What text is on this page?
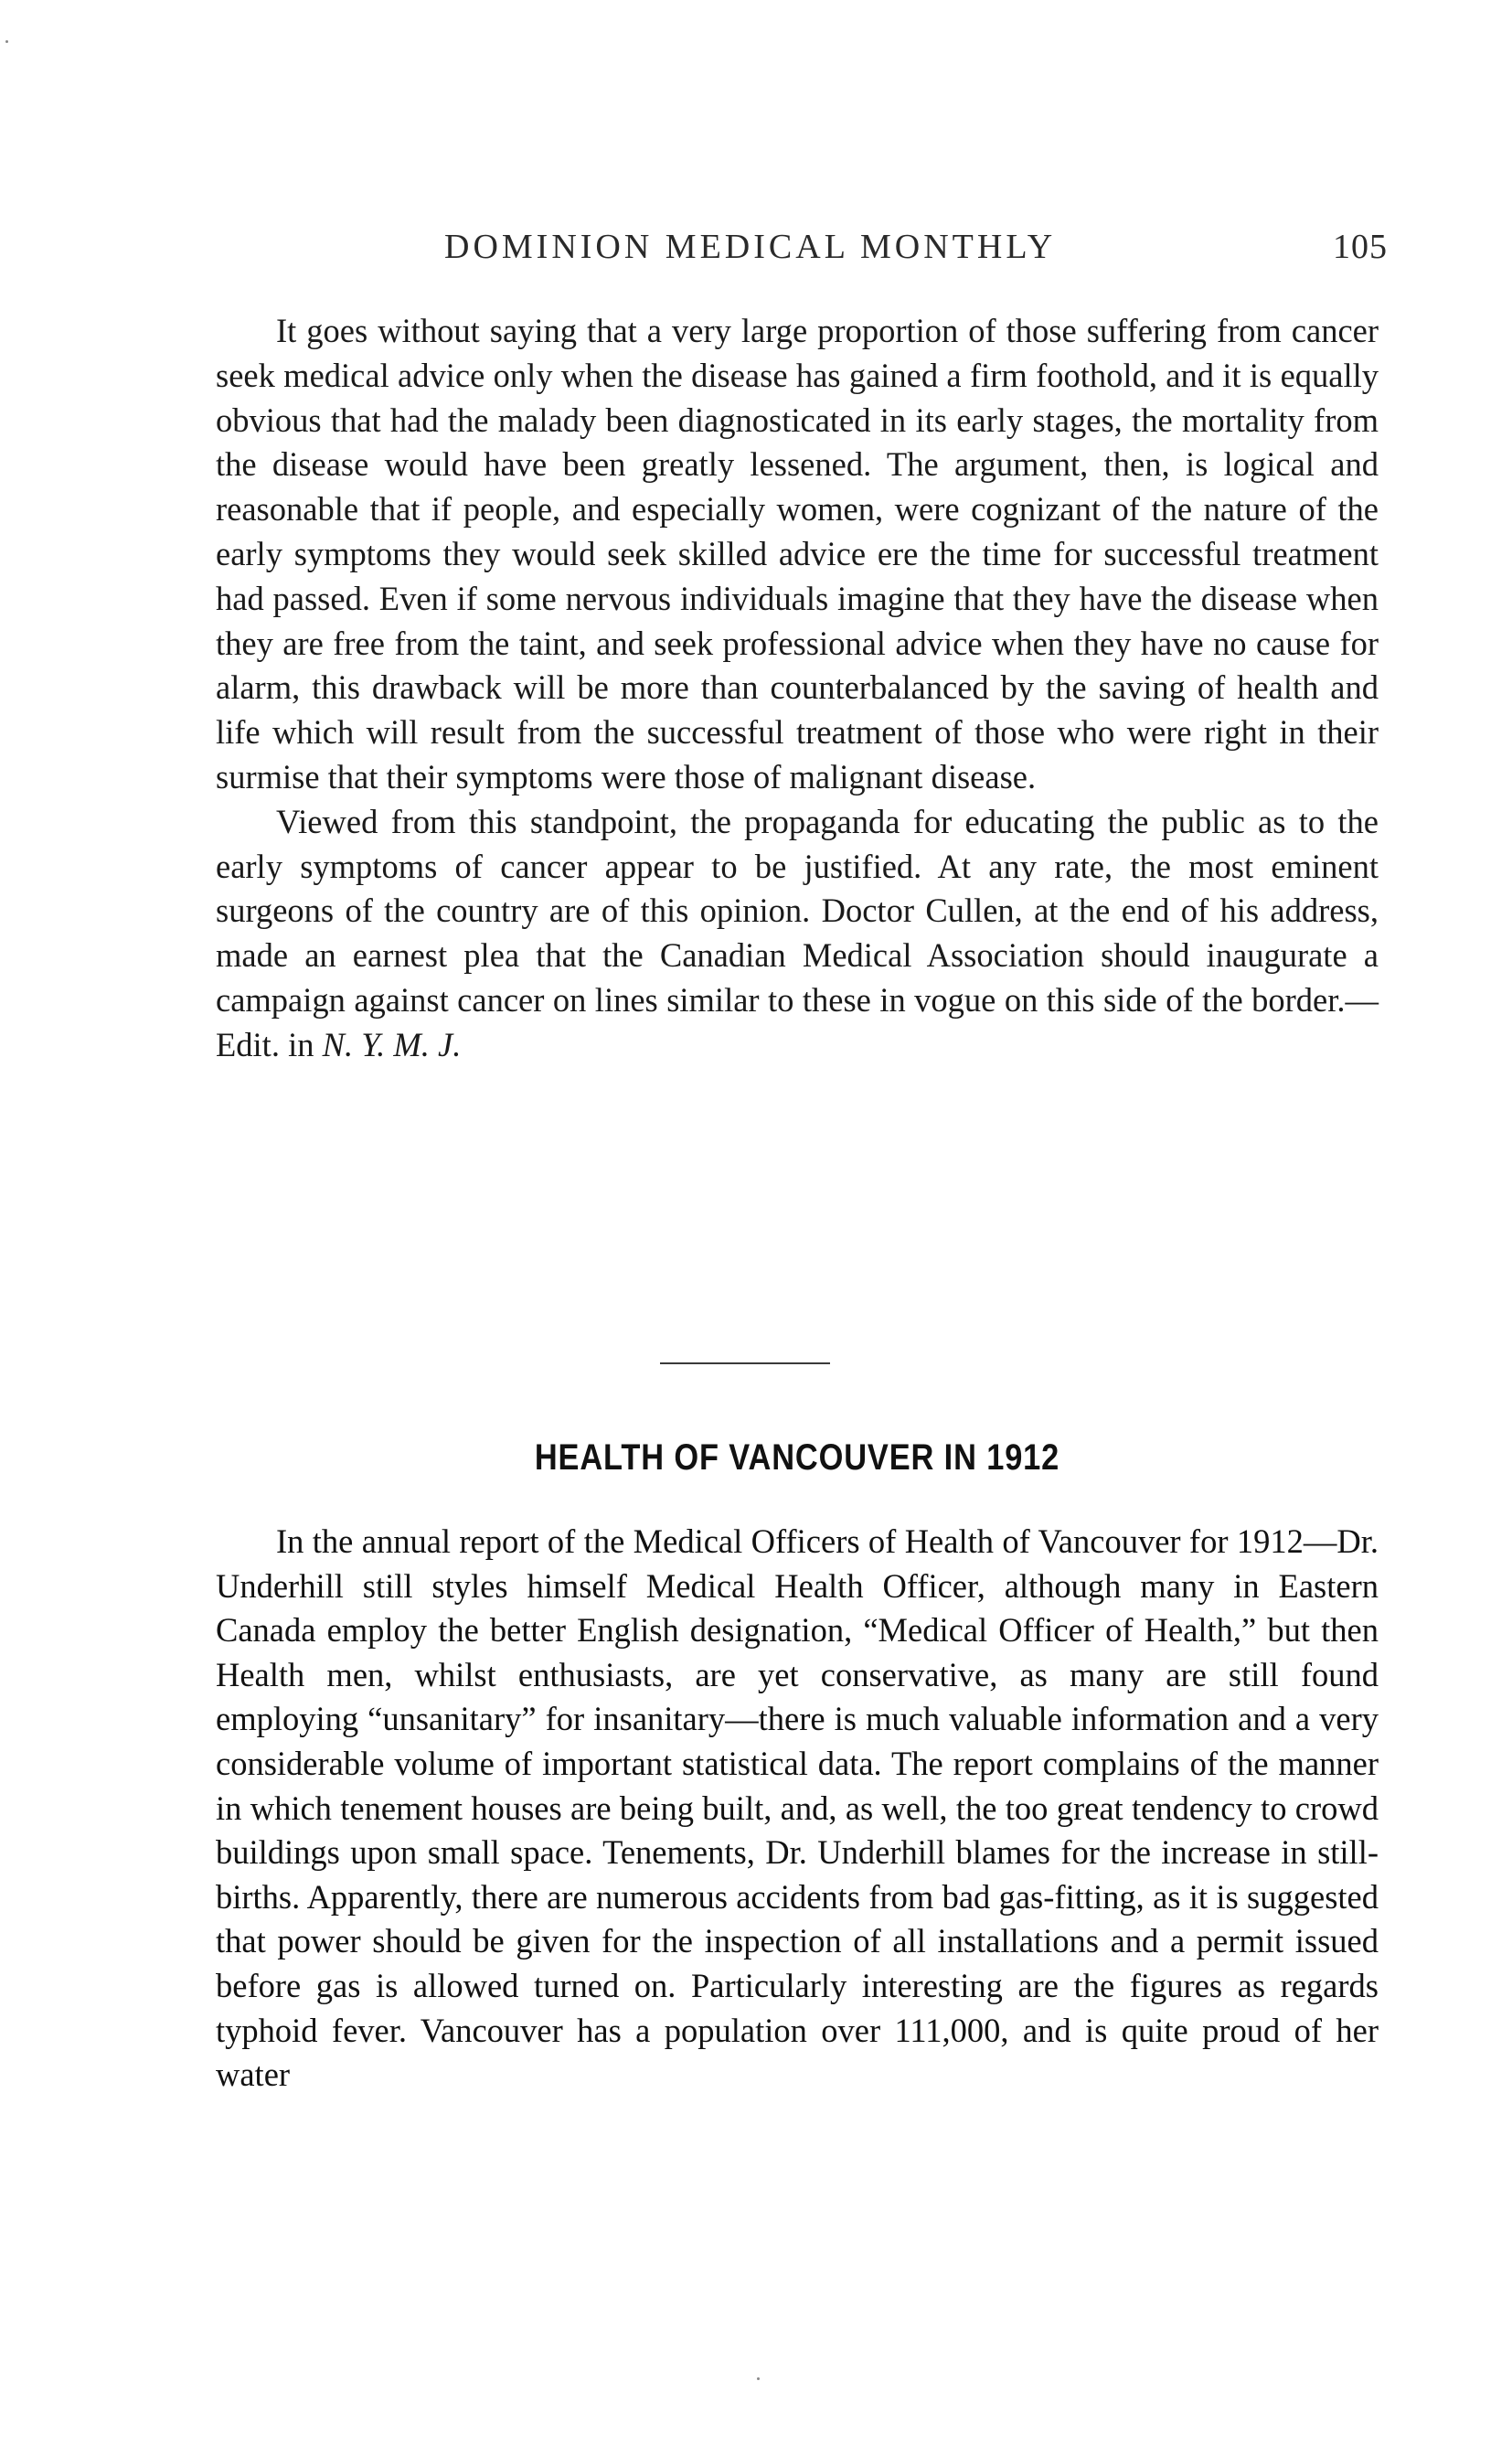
DOMINION MEDICAL MONTHLY	105

It goes without saying that a very large proportion of those suffering from cancer seek medical advice only when the disease has gained a firm foothold, and it is equally obvious that had the malady been diagnosticated in its early stages, the mortality from the disease would have been greatly lessened. The argument, then, is logical and reasonable that if people, and especially women, were cognizant of the nature of the early symptoms they would seek skilled advice ere the time for successful treatment had passed. Even if some nervous individuals imagine that they have the disease when they are free from the taint, and seek professional advice when they have no cause for alarm, this drawback will be more than counterbalanced by the saving of health and life which will result from the successful treatment of those who were right in their surmise that their symptoms were those of malignant disease.

Viewed from this standpoint, the propaganda for educating the public as to the early symptoms of cancer appear to be justified. At any rate, the most eminent surgeons of the country are of this opinion. Doctor Cullen, at the end of his address, made an earnest plea that the Canadian Medical Association should inaugurate a campaign against cancer on lines similar to these in vogue on this side of the border.—Edit. in N. Y. M. J.

HEALTH OF VANCOUVER IN 1912

In the annual report of the Medical Officers of Health of Vancouver for 1912—Dr. Underhill still styles himself Medical Health Officer, although many in Eastern Canada employ the better English designation, “Medical Officer of Health,” but then Health men, whilst enthusiasts, are yet conservative, as many are still found employing “unsanitary” for insanitary—there is much valuable information and a very considerable volume of important statistical data. The report complains of the manner in which tenement houses are being built, and, as well, the too great tendency to crowd buildings upon small space. Tenements, Dr. Underhill blames for the increase in still-births. Apparently, there are numerous accidents from bad gas-fitting, as it is suggested that power should be given for the inspection of all installations and a permit issued before gas is allowed turned on. Particularly interesting are the figures as regards typhoid fever. Vancouver has a population over 111,000, and is quite proud of her water
